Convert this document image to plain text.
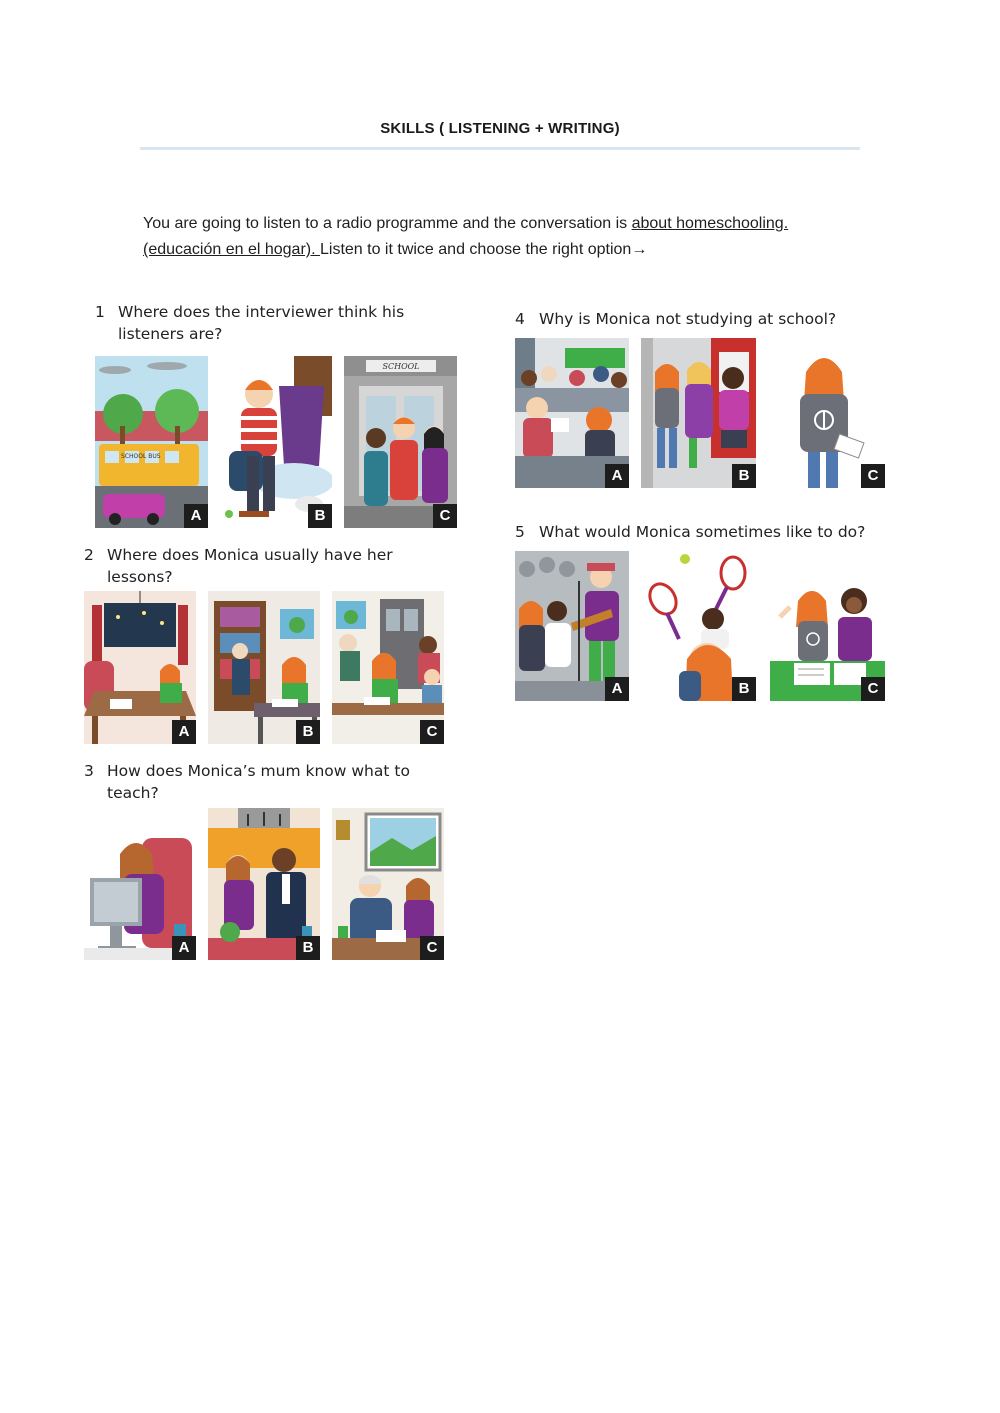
SKILLS ( LISTENING + WRITING)
You are going to listen to a radio programme and the conversation is about homeschooling.
(educación en el hogar). Listen to it twice and choose the right option→
1 Where does the interviewer think his listeners are?
SCHOOL BUS
A	B
SCHOOL
C
2 Where does Monica usually have her lessons?
A	B	C
3 How does Monica’s mum know what to teach?
A	B	C
4 Why is Monica not studying at school?
A	B	C
5 What would Monica sometimes like to do?
A	B	C
